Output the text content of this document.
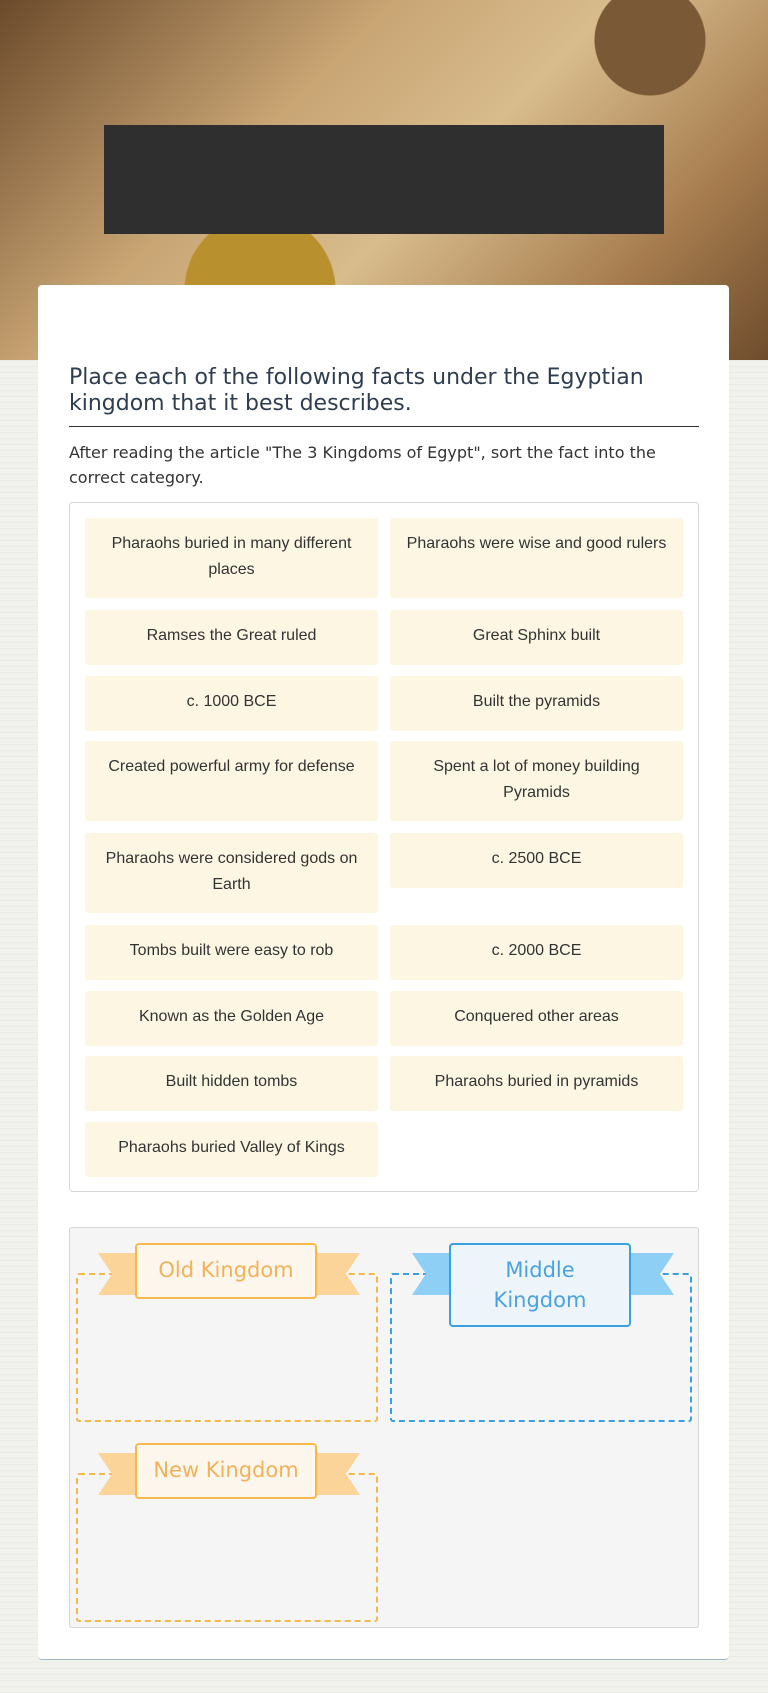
Place each of the following facts under the Egyptian kingdom that it best describes.
After reading the article "The 3 Kingdoms of Egypt", sort the fact into the correct category.
Pharaohs buried in many different places
Pharaohs were wise and good rulers
Ramses the Great ruled	Great Sphinx built
c. 1000 BCE	Built the pyramids
Created powerful army for defense	Spent a lot of money building Pyramids
Pharaohs were considered gods on Earth
c. 2500 BCE
Tombs built were easy to rob	c. 2000 BCE
Known as the Golden Age	Conquered other areas
Built hidden tombs	Pharaohs buried in pyramids
Pharaohs buried Valley of Kings
Old Kingdom	Middle Kingdom
New Kingdom
